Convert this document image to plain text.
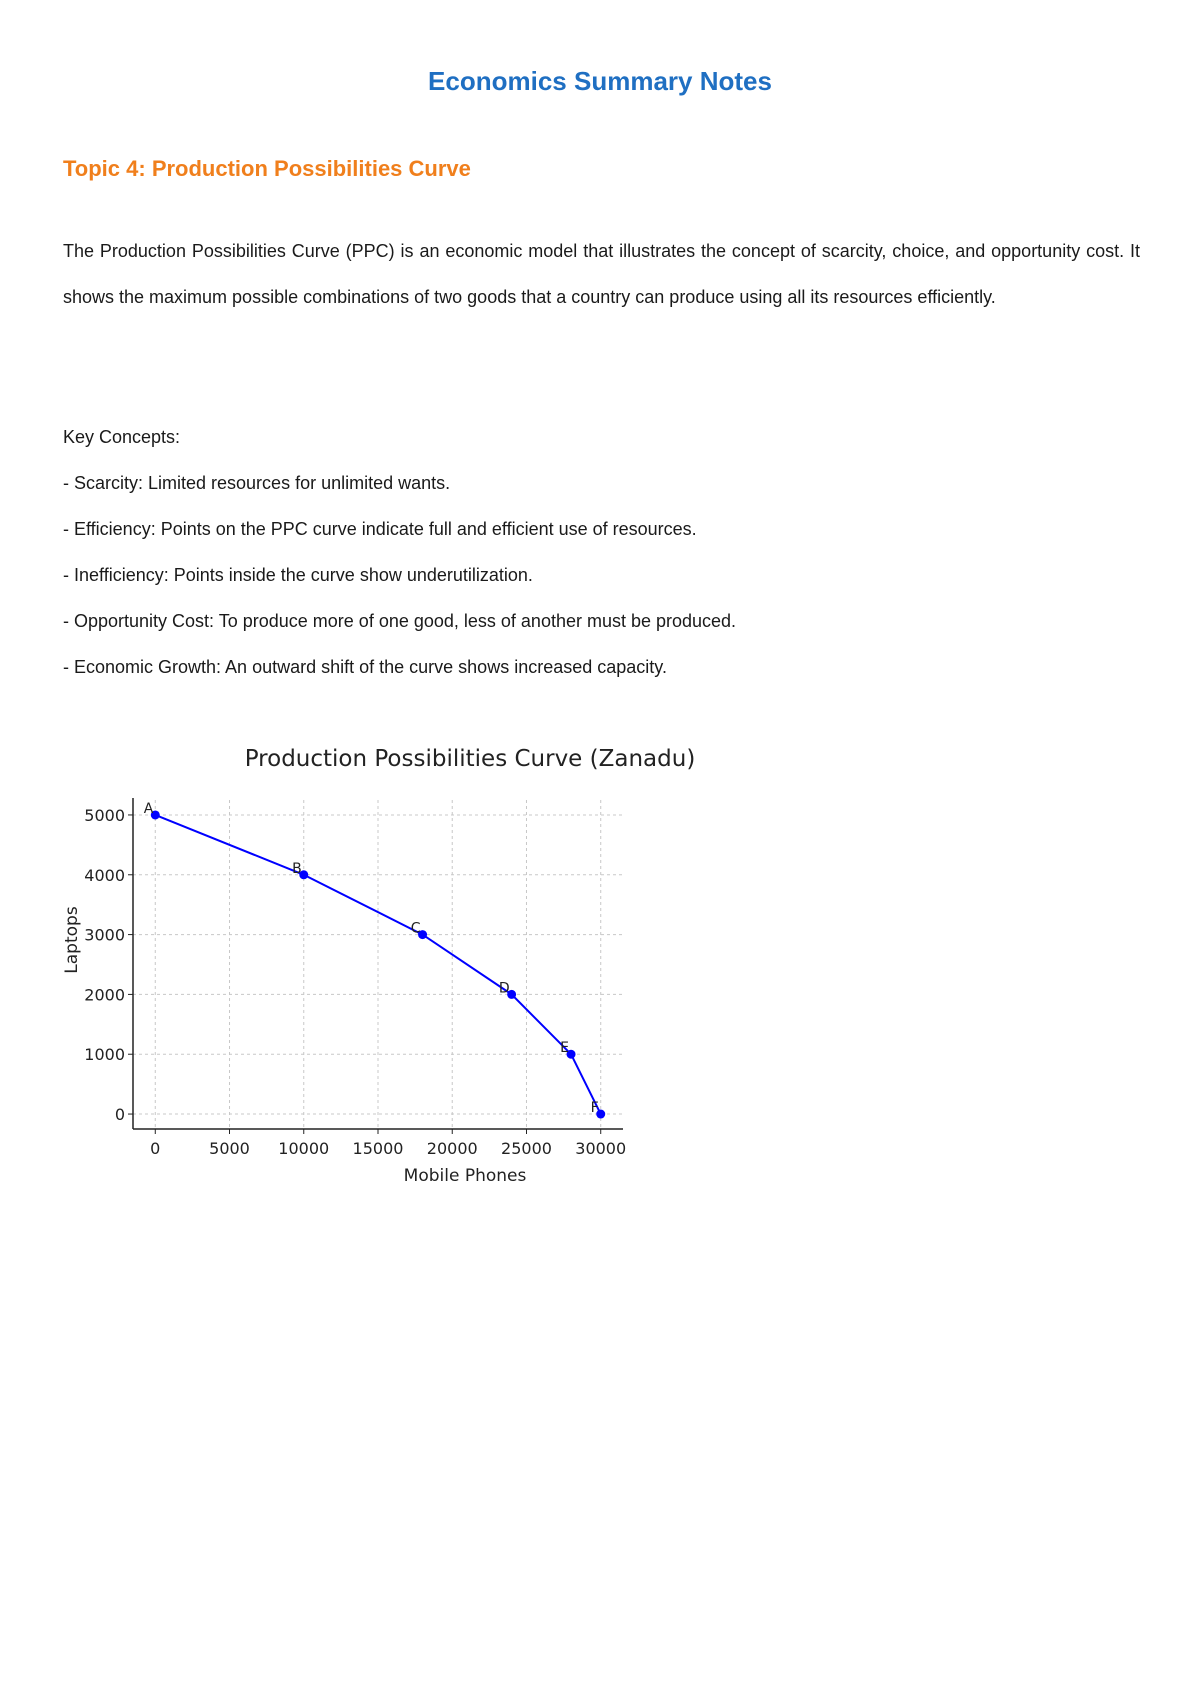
Economics Summary Notes
Topic 4: Production Possibilities Curve

The Production Possibilities Curve (PPC) is an economic model that illustrates the concept of scarcity, choice, and opportunity cost. It shows the maximum possible combinations of two goods that a country can produce using all its resources efficiently.

Key Concepts:
- Scarcity: Limited resources for unlimited wants.
- Efficiency: Points on the PPC curve indicate full and efficient use of resources.
- Inefficiency: Points inside the curve show underutilization.
- Opportunity Cost: To produce more of one good, less of another must be produced.
- Economic Growth: An outward shift of the curve shows increased capacity.
Production Possibilities Curve (Zanadu)
Mobile Phones
Laptops
0	5000 10000 15000 20000 25000 30000
0
1000
2000
3000
4000
5000 A
B
C
D
E
F
